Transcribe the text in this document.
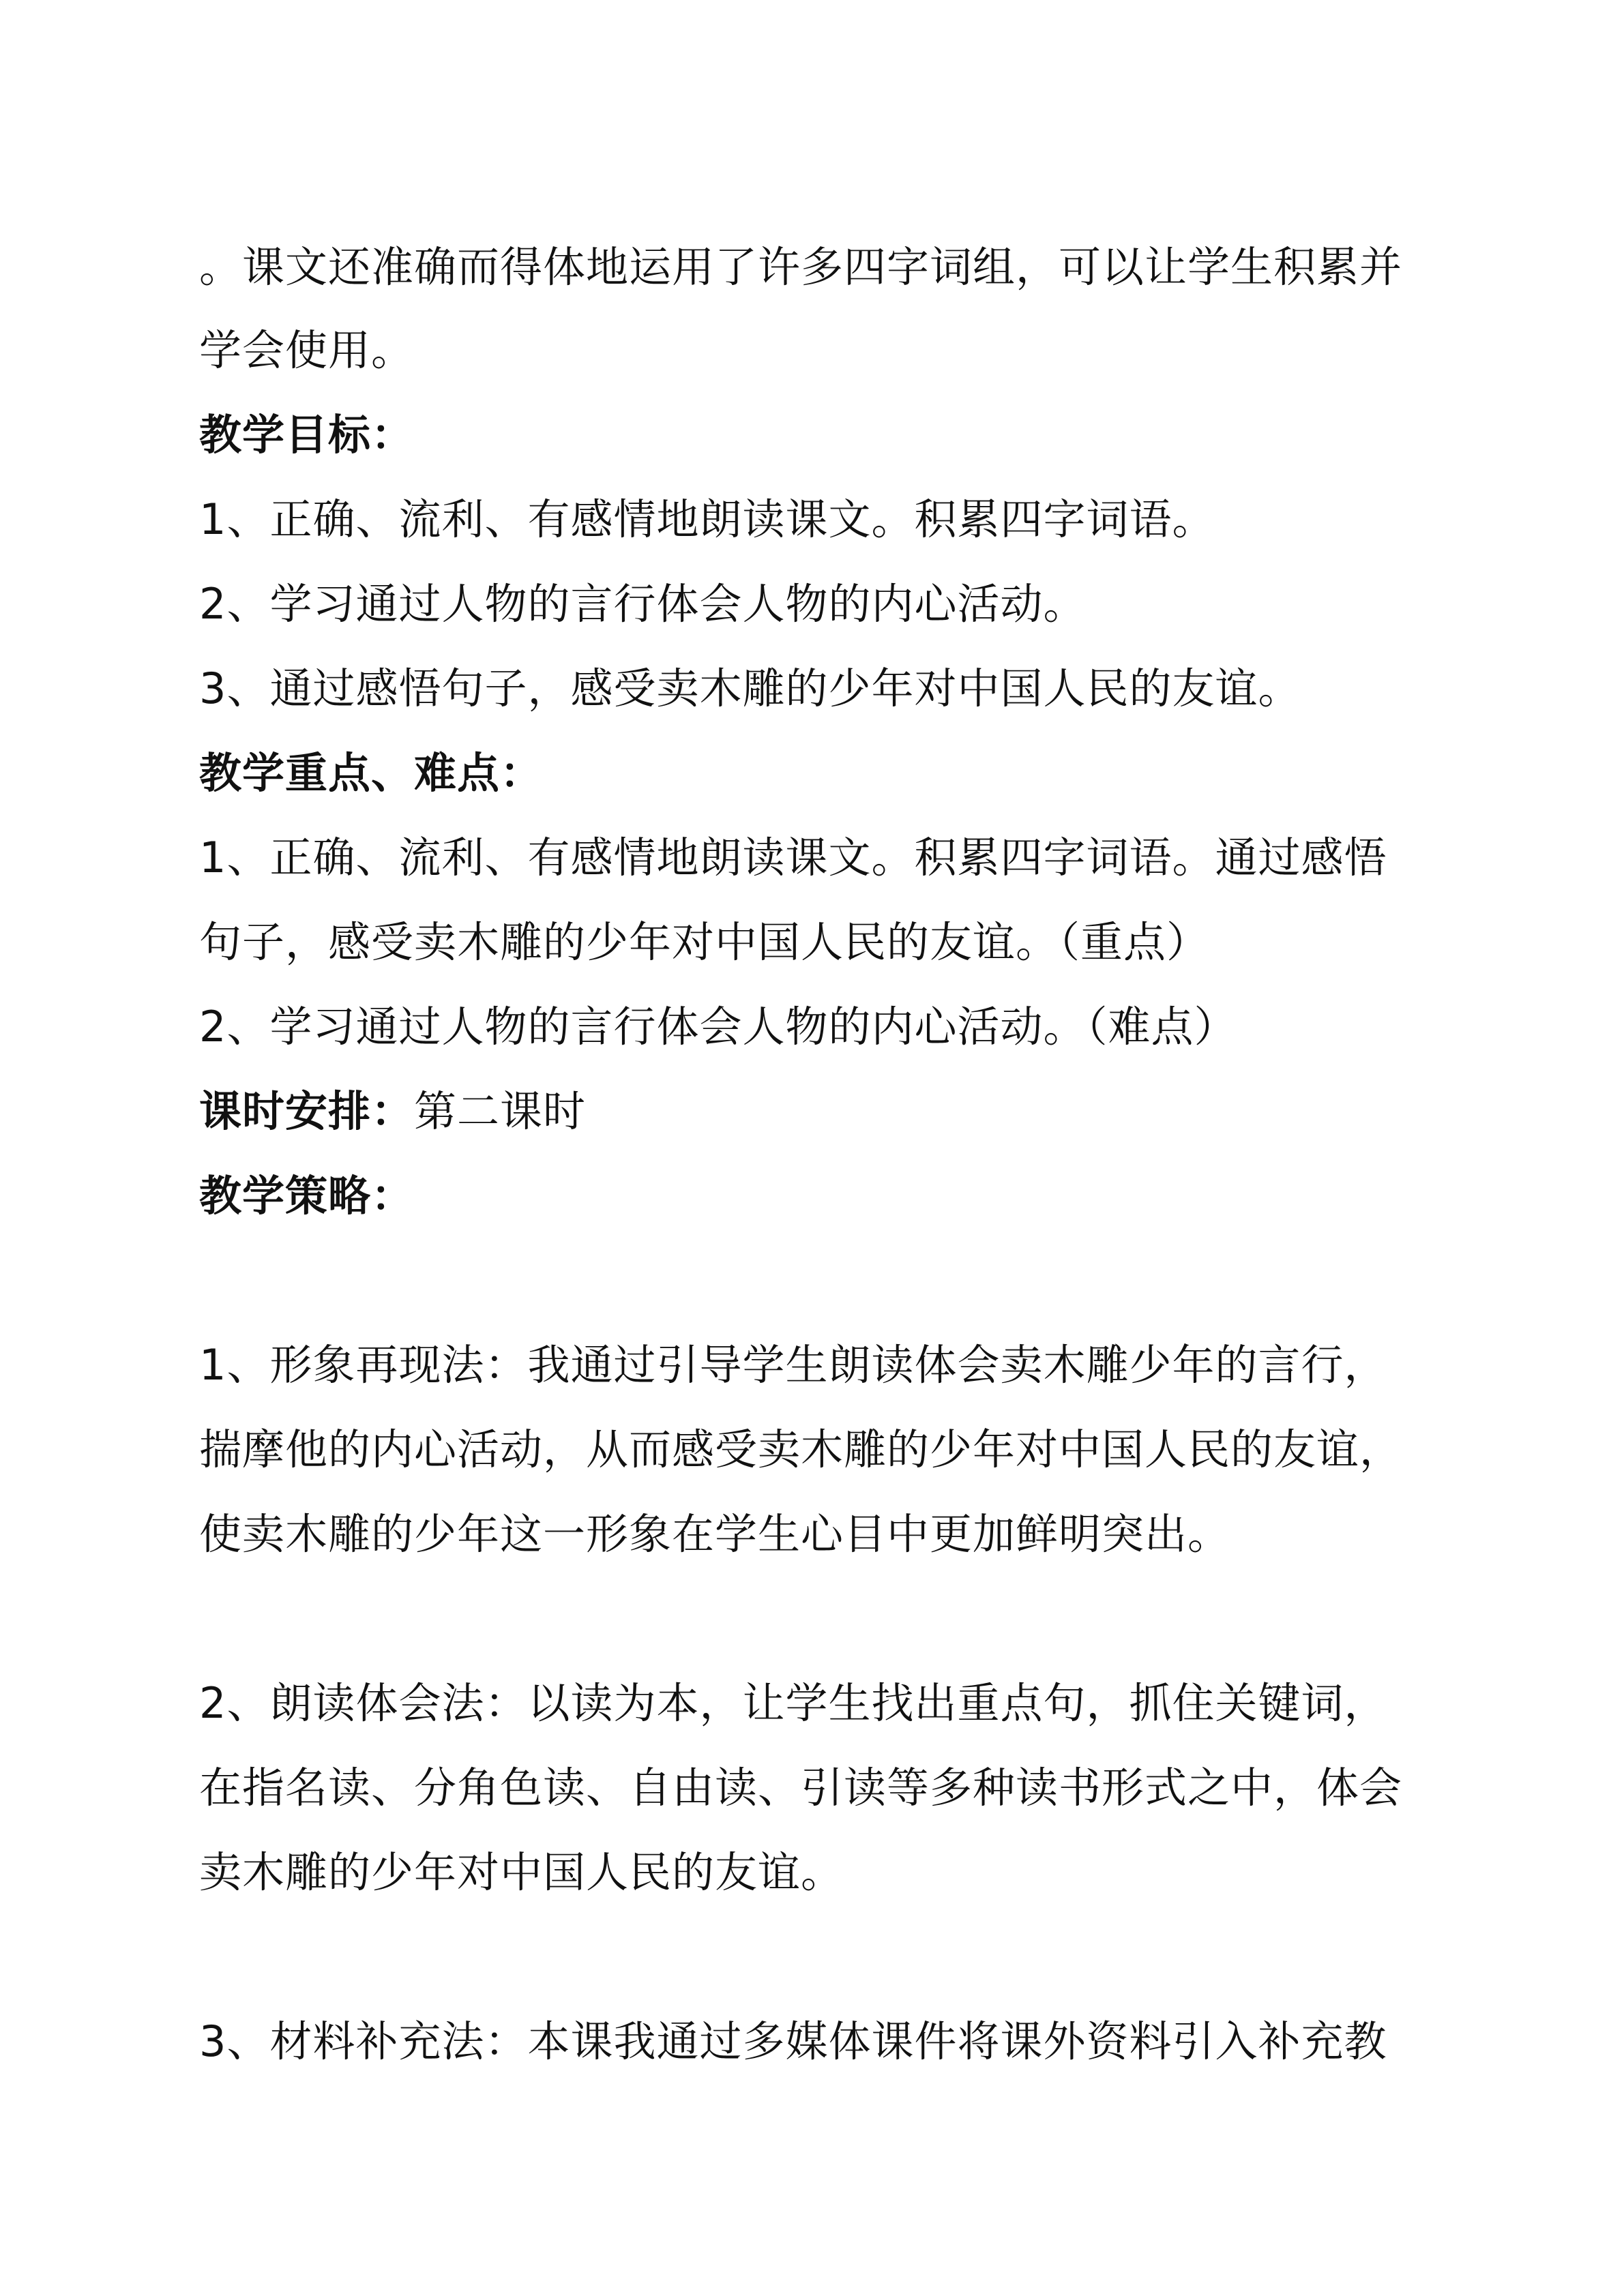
。课文还准确而得体地运用了许多四字词组，可以让学生积累并
学会使用。
教学目标：
1、正确、流利、有感情地朗读课文。积累四字词语。
2、学习通过人物的言行体会人物的内心活动。
3、通过感悟句子，感受卖木雕的少年对中国人民的友谊。
教学重点、难点：
1、正确、流利、有感情地朗读课文。积累四字词语。通过感悟
句子，感受卖木雕的少年对中国人民的友谊。（重点）
2、学习通过人物的言行体会人物的内心活动。（难点）
课时安排：第二课时
教学策略：
1、形象再现法：我通过引导学生朗读体会卖木雕少年的言行，
揣摩他的内心活动，从而感受卖木雕的少年对中国人民的友谊，
使卖木雕的少年这一形象在学生心目中更加鲜明突出。
2、朗读体会法：以读为本，让学生找出重点句，抓住关键词，
在指名读、分角色读、自由读、引读等多种读书形式之中，体会
卖木雕的少年对中国人民的友谊。
3、材料补充法：本课我通过多媒体课件将课外资料引入补充教
